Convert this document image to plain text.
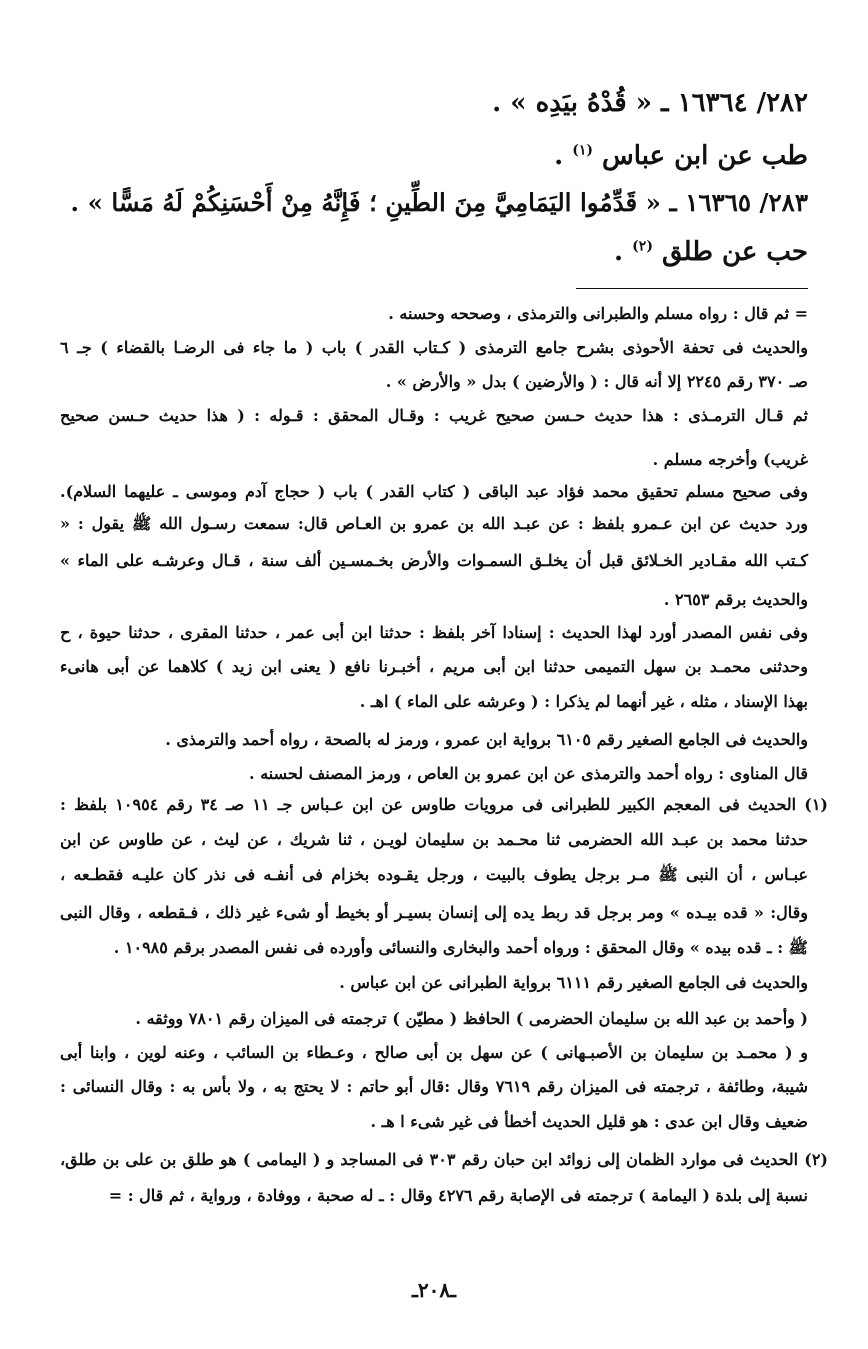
٢٨٢/ ١٦٣٦٤ ـ « قُدْهُ بيَدِه » .
طب عن ابن عباس $^{(١)}$ .
٢٨٣/ ١٦٣٦٥ ـ « قَدِّمُوا اليَمَامِيَّ مِنَ الطِّينِ ؛ فَإِنَّهُ مِنْ أَحْسَنِكُمْ لَهُ مَسًّا » .
حب عن طلق $^{(٢)}$ .
= ثم قال : رواه مسلم والطبرانى والترمذى ، وصححه وحسنه .
والحديث فى تحفة الأحوذى بشرح جامع الترمذى ( كـتاب القدر ) باب ( ما جاء فى الرضـا بالقضاء ) جـ ٦
صـ ٣٧٠ رقم ٢٢٤٥ إلا أنه قال : ( والأرضين ) بدل « والأرض » .
ثم قـال الترمـذى : هذا حديث حـسن صحيح غريب : وقـال المحقق : قـوله : ( هذا حديث حـسن صحيح
غريب) وأخرجه مسلم .
وفى صحيح مسلم تحقيق محمد فؤاد عبد الباقى ( كتاب القدر ) باب ( حجاج آدم وموسى ـ عليهما السلام).
ورد حديث عن ابن عـمرو بلفظ : عن عبـد الله بن عمرو بن العـاص قال: سمعت رسـول الله ﷺ يقول : «
كـتب الله مقـادير الخـلائق قبل أن يخلـق السمـوات والأرض بخـمسـين ألف سنة ، قـال وعرشـه على الماء »
والحديث برقم ٢٦٥٣ .
وفى نفس المصدر أورد لهذا الحديث : إسنادا آخر بلفظ : حدثنا ابن أبى عمر ، حدثنا المقرى ، حدثنا حيوة ، ح
وحدثنى محمـد بن سهل التميمى حدثنا ابن أبى مريم ، أخبـرنا نافع ( يعنى ابن زيد ) كلاهما عن أبى هانىء
بهذا الإسناد ، مثله ، غير أنهما لم يذكرا : ( وعرشه على الماء ) اهـ .
والحديث فى الجامع الصغير رقم ٦١٠٥ برواية ابن عمرو ، ورمز له بالصحة ، رواه أحمد والترمذى .
قال المناوى : رواه أحمد والترمذى عن ابن عمرو بن العاص ، ورمز المصنف لحسنه .
(١) الحديث فى المعجم الكبير للطبرانى فى مرويات طاوس عن ابن عـباس جـ ١١ صـ ٣٤ رقم ١٠٩٥٤ بلفظ :
حدثنا محمد بن عبـد الله الحضرمى ثنا محـمد بن سليمان لويـن ، ثنا شريك ، عن ليث ، عن طاوس عن ابن
عبـاس ، أن النبى ﷺ مـر برجل يطوف بالبيت ، ورجل يقـوده بخزام فى أنفـه فى نذر كان عليـه فقطـعه ،
وقال: « قده بيـده » ومر برجل قد ربط يده إلى إنسان بسيـر أو بخيط أو شىء غير ذلك ، فـقطعه ، وقال النبى
ﷺ : ـ قده بيده » وقال المحقق : ورواه أحمد والبخارى والنسائى وأورده فى نفس المصدر برقم ١٠٩٨٥ .
والحديث فى الجامع الصغير رقم ٦١١١ برواية الطبرانى عن ابن عباس .
( وأحمد بن عبد الله بن سليمان الحضرمى ) الحافظ ( مطيّن ) ترجمته فى الميزان رقم ٧٨٠١ ووثقه .
و ( محمـد بن سليمان بن الأصبـهانى ) عن سهل بن أبى صالح ، وعـطاء بن السائب ، وعنه لوين ، وابنا أبى
شيبة، وطائفة ، ترجمته فى الميزان رقم ٧٦١٩ وقال :قال أبو حاتم : لا يحتج به ، ولا بأس به : وقال النسائى :
ضعيف وقال ابن عدى : هو قليل الحديث أخطأ فى غير شىء ا هـ .
(٢) الحديث فى موارد الظمان إلى زوائد ابن حبان رقم ٣٠٣ فى المساجد و ( اليمامى ) هو طلق بن على بن طلق،
نسبة إلى بلدة ( اليمامة ) ترجمته فى الإصابة رقم ٤٢٧٦ وقال : ـ له صحبة ، ووفادة ، ورواية ، ثم قال : =
ـ٢٠٨ـ
